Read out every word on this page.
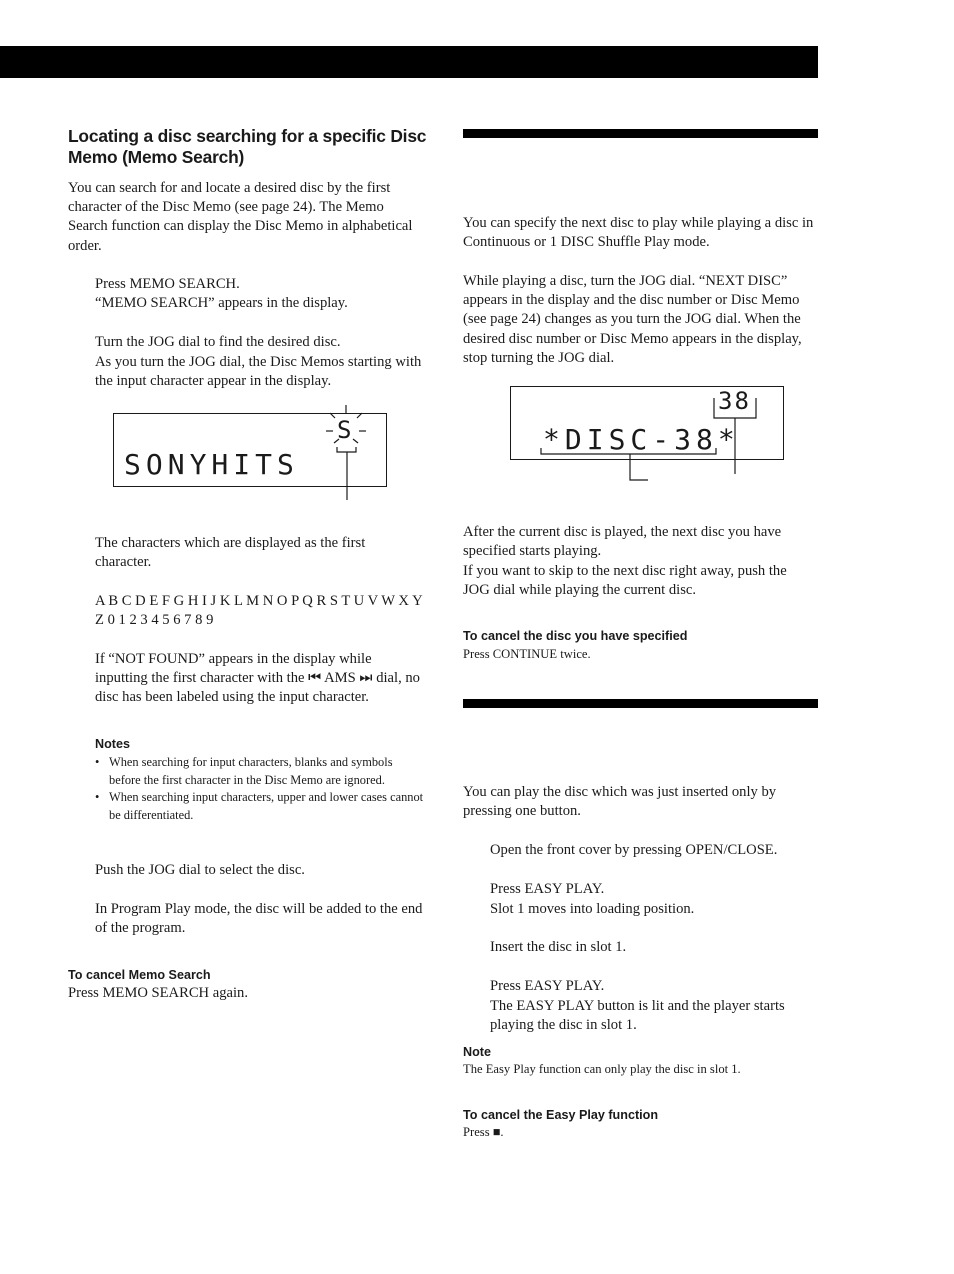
Locating a disc searching for a specific Disc Memo (Memo Search)

You can search for and locate a desired disc by the first character of the Disc Memo (see page 24). The Memo Search function can display the Disc Memo in alphabetical order.

Press MEMO SEARCH.

“MEMO SEARCH” appears in the display.

Turn the JOG dial to find the desired disc.

As you turn the JOG dial, the Disc Memos starting with the input character appear in the display.

SONYHITS
S

The characters which are displayed as the first character.

A B C D E F G H I J K L M N O P Q R S T U V W X Y Z 0 1 2 3 4 5 6 7 8 9

If “NOT FOUND” appears in the display while inputting the first character with the ⏮ AMS ⏭ dial, no disc has been labeled using the input character.

Notes

• When searching for input characters, blanks and symbols before the first character in the Disc Memo are ignored.
• When searching input characters, upper and lower cases cannot be differentiated.

Push the JOG dial to select the disc.

In Program Play mode, the disc will be added to the end of the program.

To cancel Memo Search

Press MEMO SEARCH again.

You can specify the next disc to play while playing a disc in Continuous or 1 DISC Shuffle Play mode.

While playing a disc, turn the JOG dial. “NEXT DISC” appears in the display and the disc number or Disc Memo (see page 24) changes as you turn the JOG dial. When the desired disc number or Disc Memo appears in the display, stop turning the JOG dial.

38
*DISC-38*

After the current disc is played, the next disc you have specified starts playing.

If you want to skip to the next disc right away, push the JOG dial while playing the current disc.

To cancel the disc you have specified

Press CONTINUE twice.

You can play the disc which was just inserted only by pressing one button.

Open the front cover by pressing OPEN/CLOSE.

Press EASY PLAY.

Slot 1 moves into loading position.

Insert the disc in slot 1.

Press EASY PLAY.

The EASY PLAY button is lit and the player starts playing the disc in slot 1.

Note

The Easy Play function can only play the disc in slot 1.

To cancel the Easy Play function

Press ■.
